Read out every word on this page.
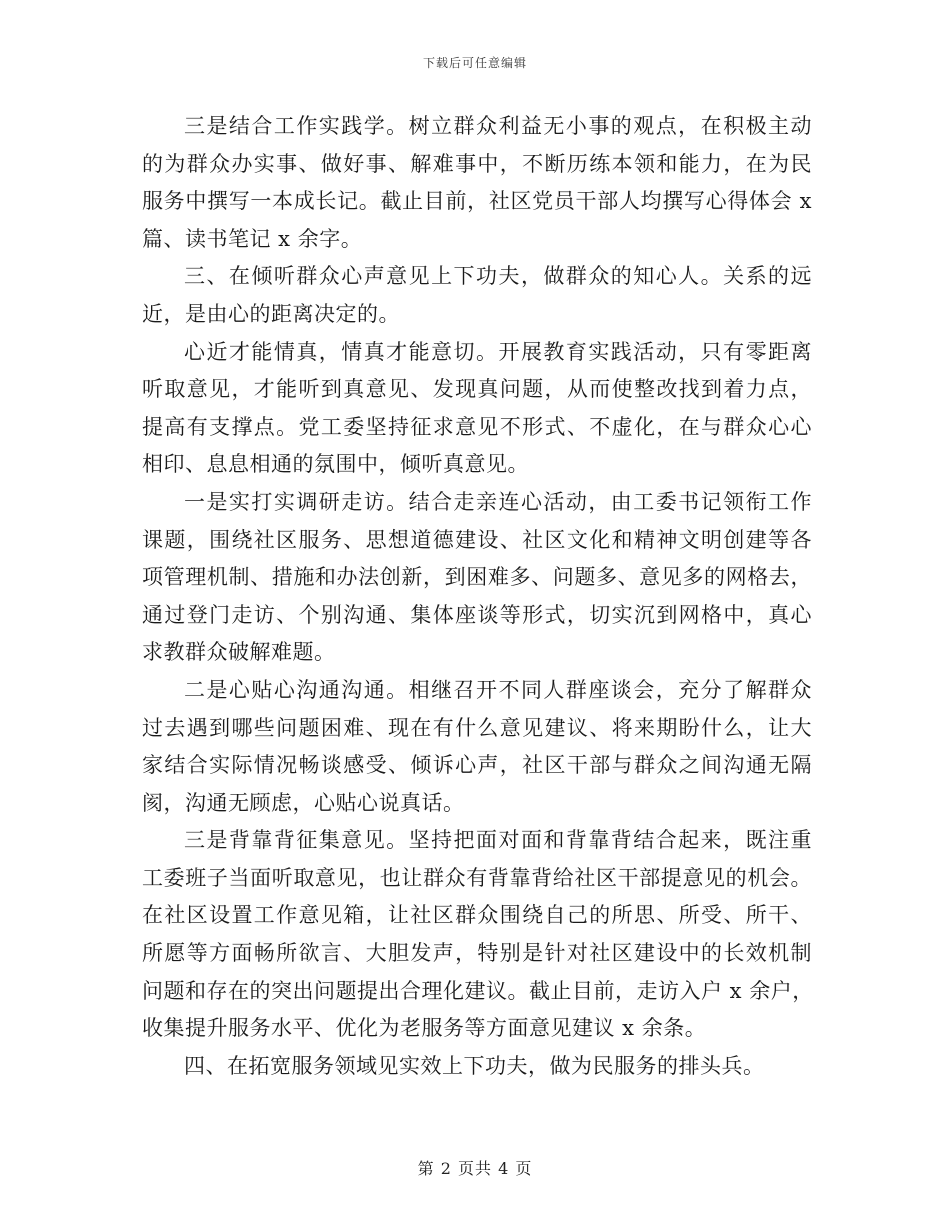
下载后可任意编辑
三是结合工作实践学。树立群众利益无小事的观点，在积极主动
的为群众办实事、做好事、解难事中，不断历练本领和能力，在为民
服务中撰写一本成长记。截止目前，社区党员干部人均撰写心得体会 x
篇、读书笔记 x 余字。
三、在倾听群众心声意见上下功夫，做群众的知心人。关系的远
近，是由心的距离决定的。
心近才能情真，情真才能意切。开展教育实践活动，只有零距离
听取意见，才能听到真意见、发现真问题，从而使整改找到着力点，
提高有支撑点。党工委坚持征求意见不形式、不虚化，在与群众心心
相印、息息相通的氛围中，倾听真意见。
一是实打实调研走访。结合走亲连心活动，由工委书记领衔工作
课题，围绕社区服务、思想道德建设、社区文化和精神文明创建等各
项管理机制、措施和办法创新，到困难多、问题多、意见多的网格去，
通过登门走访、个别沟通、集体座谈等形式，切实沉到网格中，真心
求教群众破解难题。
二是心贴心沟通沟通。相继召开不同人群座谈会，充分了解群众
过去遇到哪些问题困难、现在有什么意见建议、将来期盼什么，让大
家结合实际情况畅谈感受、倾诉心声，社区干部与群众之间沟通无隔
阂，沟通无顾虑，心贴心说真话。
三是背靠背征集意见。坚持把面对面和背靠背结合起来，既注重
工委班子当面听取意见，也让群众有背靠背给社区干部提意见的机会。
在社区设置工作意见箱，让社区群众围绕自己的所思、所受、所干、
所愿等方面畅所欲言、大胆发声，特别是针对社区建设中的长效机制
问题和存在的突出问题提出合理化建议。截止目前，走访入户 x 余户，
收集提升服务水平、优化为老服务等方面意见建议 x 余条。
四、在拓宽服务领域见实效上下功夫，做为民服务的排头兵。
第 2 页共 4 页
